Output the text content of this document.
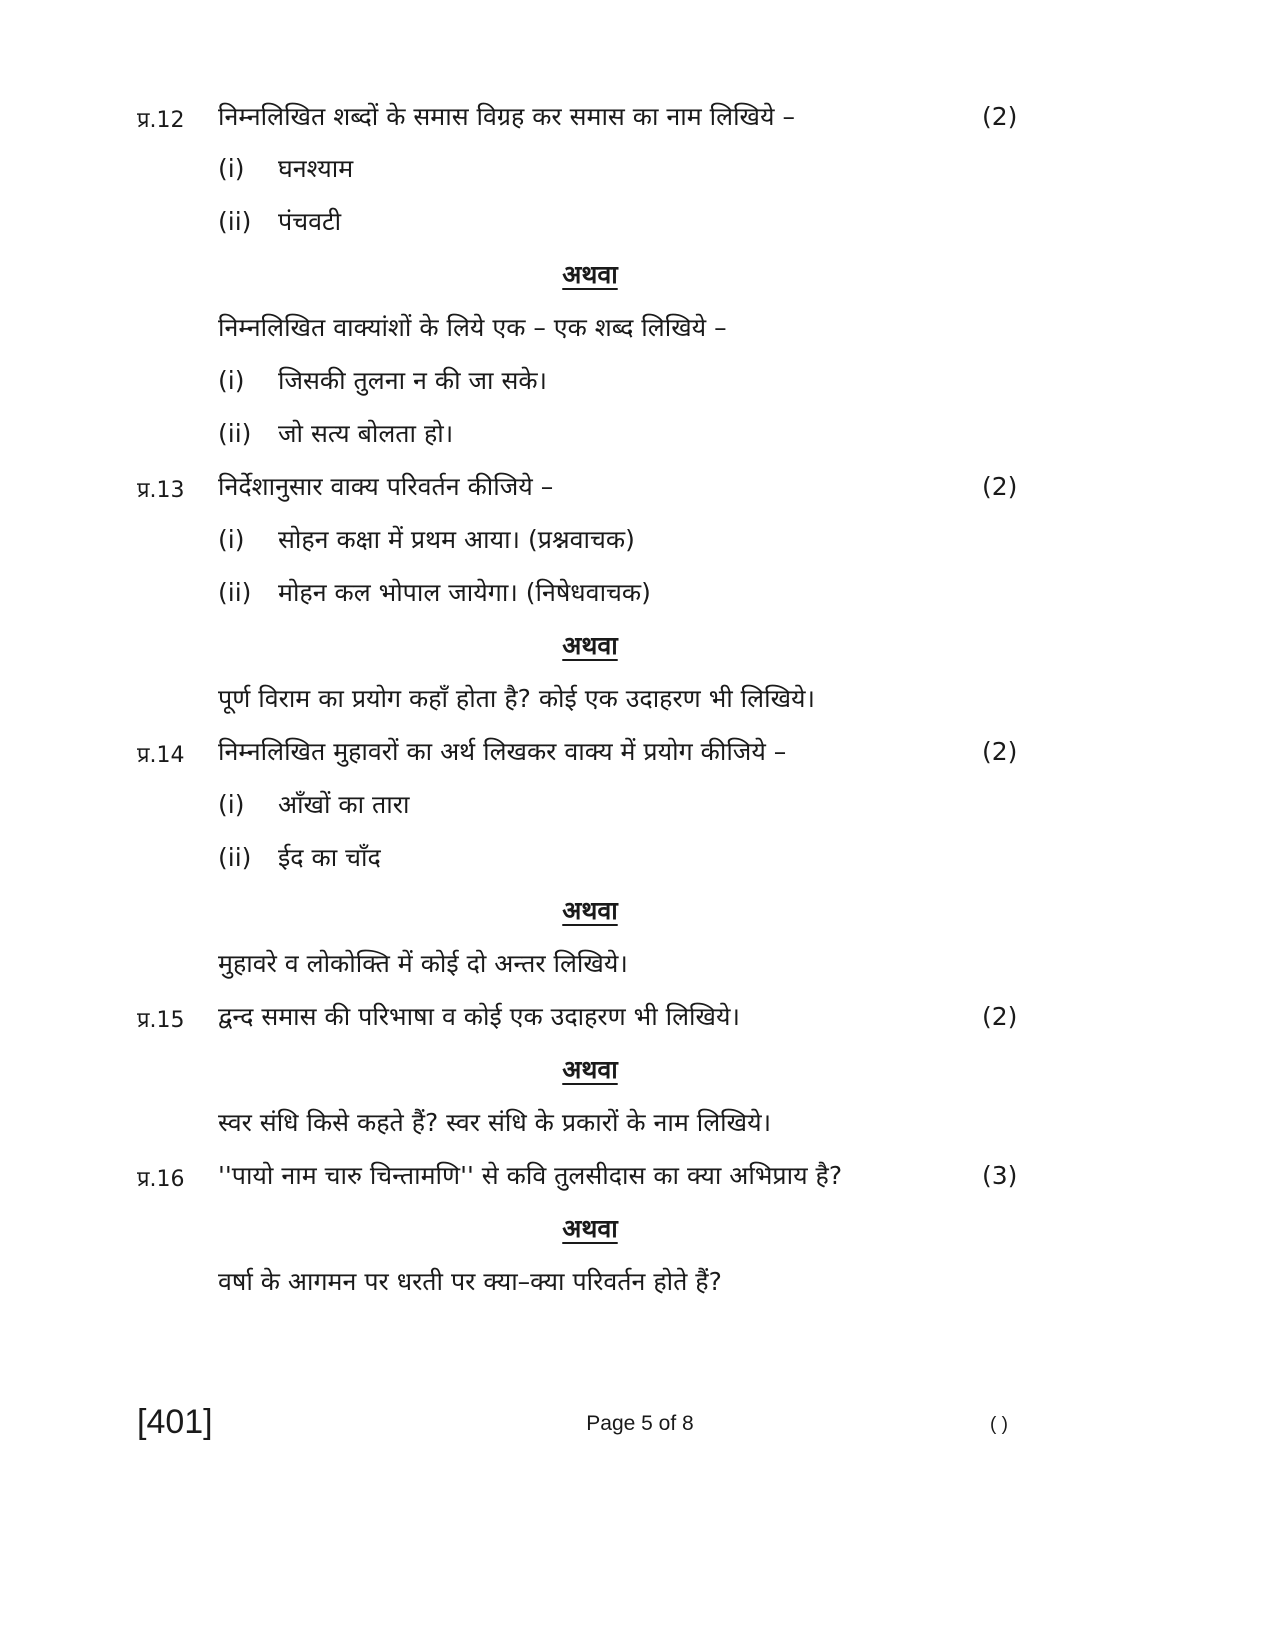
प्र.12 निम्नलिखित शब्दों के समास विग्रह कर समास का नाम लिखिये –	(2)
(i) घनश्याम
(ii) पंचवटी
अथवा
निम्नलिखित वाक्यांशों के लिये एक – एक शब्द लिखिये –
(i) जिसकी तुलना न की जा सके।
(ii) जो सत्य बोलता हो।
प्र.13 निर्देशानुसार वाक्य परिवर्तन कीजिये –	(2)
(i) सोहन कक्षा में प्रथम आया। (प्रश्नवाचक)
(ii) मोहन कल भोपाल जायेगा। (निषेधवाचक)
अथवा
पूर्ण विराम का प्रयोग कहाँ होता है? कोई एक उदाहरण भी लिखिये।
प्र.14 निम्नलिखित मुहावरों का अर्थ लिखकर वाक्य में प्रयोग कीजिये –	(2)
(i) आँखों का तारा
(ii) ईद का चाँद
अथवा
मुहावरे व लोकोक्ति में कोई दो अन्तर लिखिये।
प्र.15 द्वन्द समास की परिभाषा व कोई एक उदाहरण भी लिखिये।	(2)
अथवा
स्वर संधि किसे कहते हैं? स्वर संधि के प्रकारों के नाम लिखिये।
प्र.16 ''पायो नाम चारु चिन्तामणि'' से कवि तुलसीदास का क्या अभिप्राय है?	(3)
अथवा
वर्षा के आगमन पर धरती पर क्या–क्या परिवर्तन होते हैं?
[401]	Page 5 of 8	( )
